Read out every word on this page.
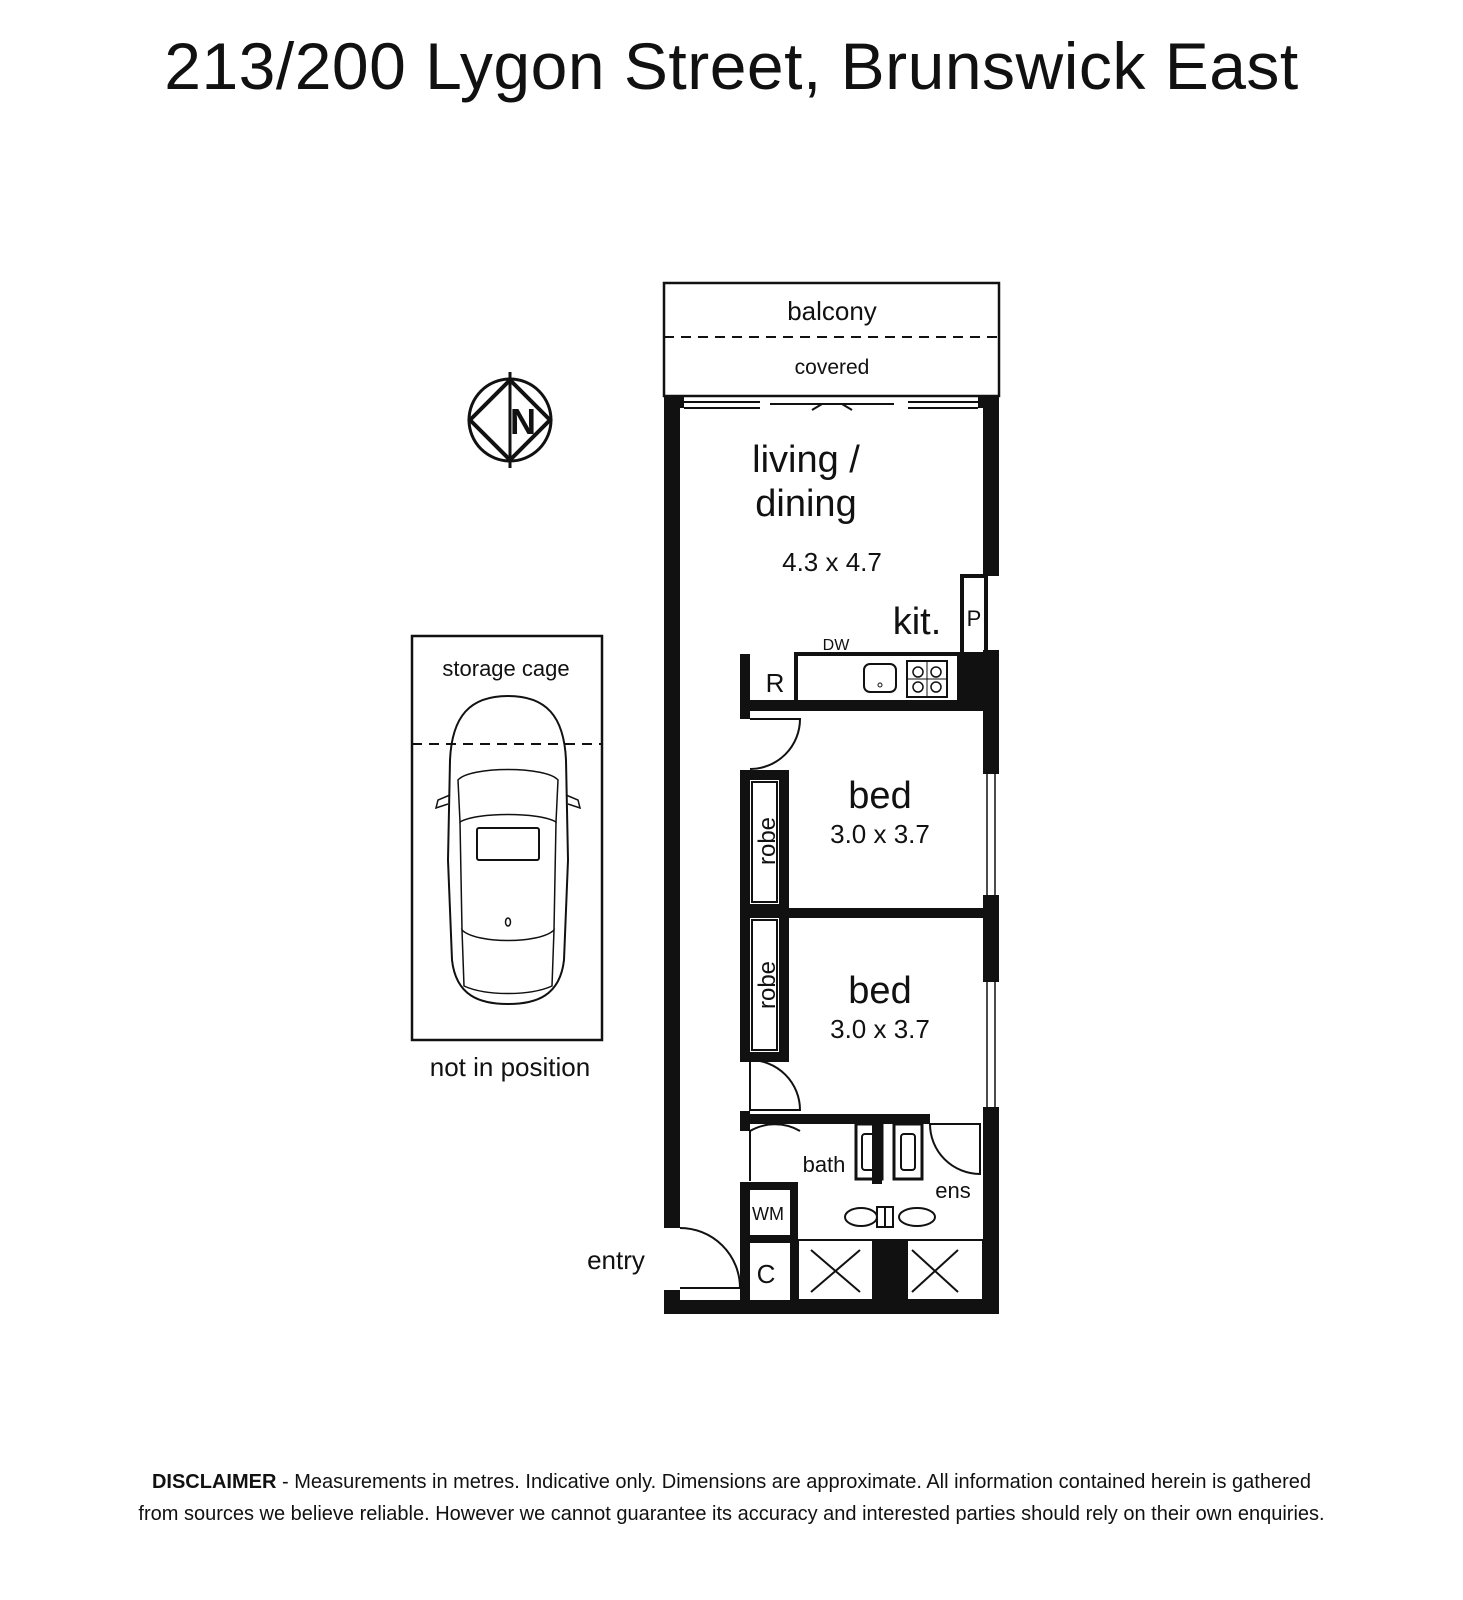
213/200 Lygon Street, Brunswick East
balcony
covered
N
living /
dining
4.3 x 4.7
P
kit.
DW
R
robe
robe
bed
3.0 x 3.7
bed
3.0 x 3.7
bath
ens
WM
C
entry
storage cage
not in position
DISCLAIMER - Measurements in metres. Indicative only. Dimensions are approximate. All information contained herein is gathered
from sources we believe reliable. However we cannot guarantee its accuracy and interested parties should rely on their own enquiries.
